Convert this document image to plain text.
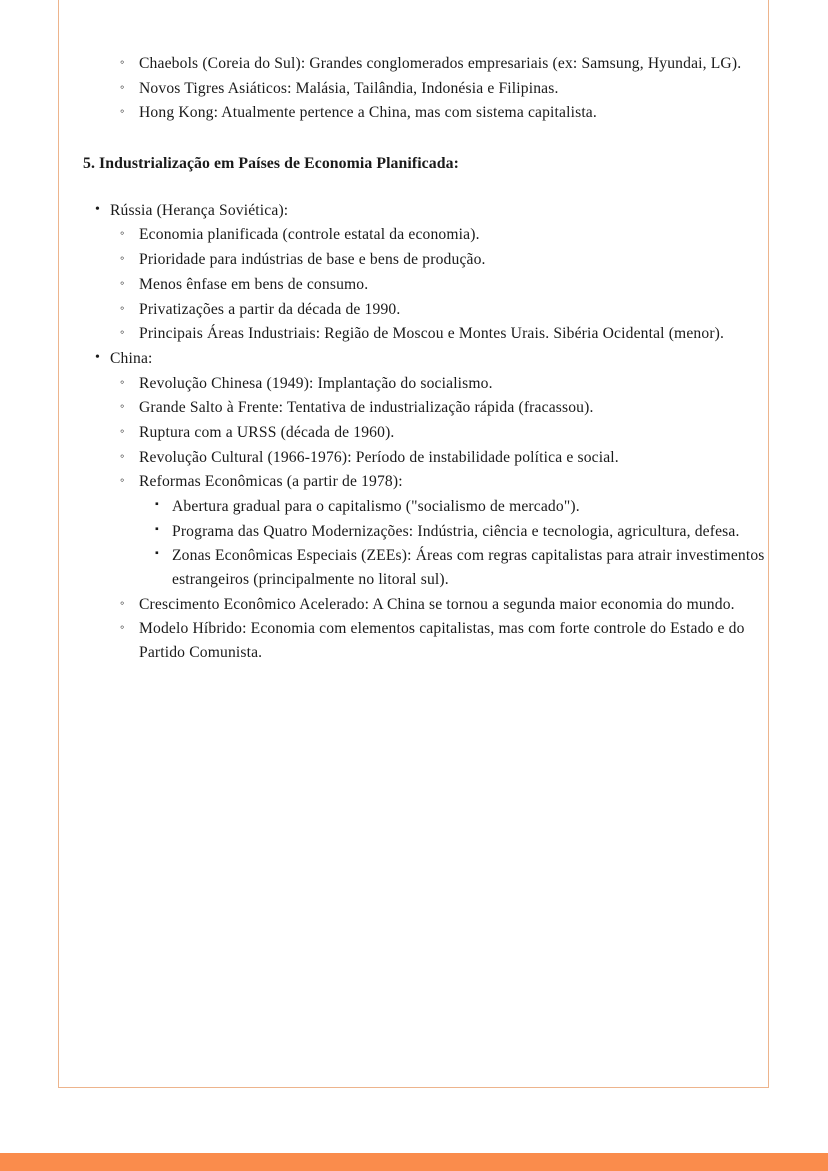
◦ Chaebols (Coreia do Sul): Grandes conglomerados empresariais (ex: Samsung, Hyundai, LG).
◦ Novos Tigres Asiáticos: Malásia, Tailândia, Indonésia e Filipinas.
◦ Hong Kong: Atualmente pertence a China, mas com sistema capitalista.
5. Industrialização em Países de Economia Planificada:
• Rússia (Herança Soviética):
◦ Economia planificada (controle estatal da economia).
◦ Prioridade para indústrias de base e bens de produção.
◦ Menos ênfase em bens de consumo.
◦ Privatizações a partir da década de 1990.
◦ Principais Áreas Industriais: Região de Moscou e Montes Urais. Sibéria Ocidental (menor).
• China:
◦ Revolução Chinesa (1949): Implantação do socialismo.
◦ Grande Salto à Frente: Tentativa de industrialização rápida (fracassou).
◦ Ruptura com a URSS (década de 1960).
◦ Revolução Cultural (1966-1976): Período de instabilidade política e social.
◦ Reformas Econômicas (a partir de 1978):
▪ Abertura gradual para o capitalismo ("socialismo de mercado").
▪ Programa das Quatro Modernizações: Indústria, ciência e tecnologia, agricultura, defesa.
▪ Zonas Econômicas Especiais (ZEEs): Áreas com regras capitalistas para atrair investimentos estrangeiros (principalmente no litoral sul).
◦ Crescimento Econômico Acelerado: A China se tornou a segunda maior economia do mundo.
◦ Modelo Híbrido: Economia com elementos capitalistas, mas com forte controle do Estado e do Partido Comunista.
